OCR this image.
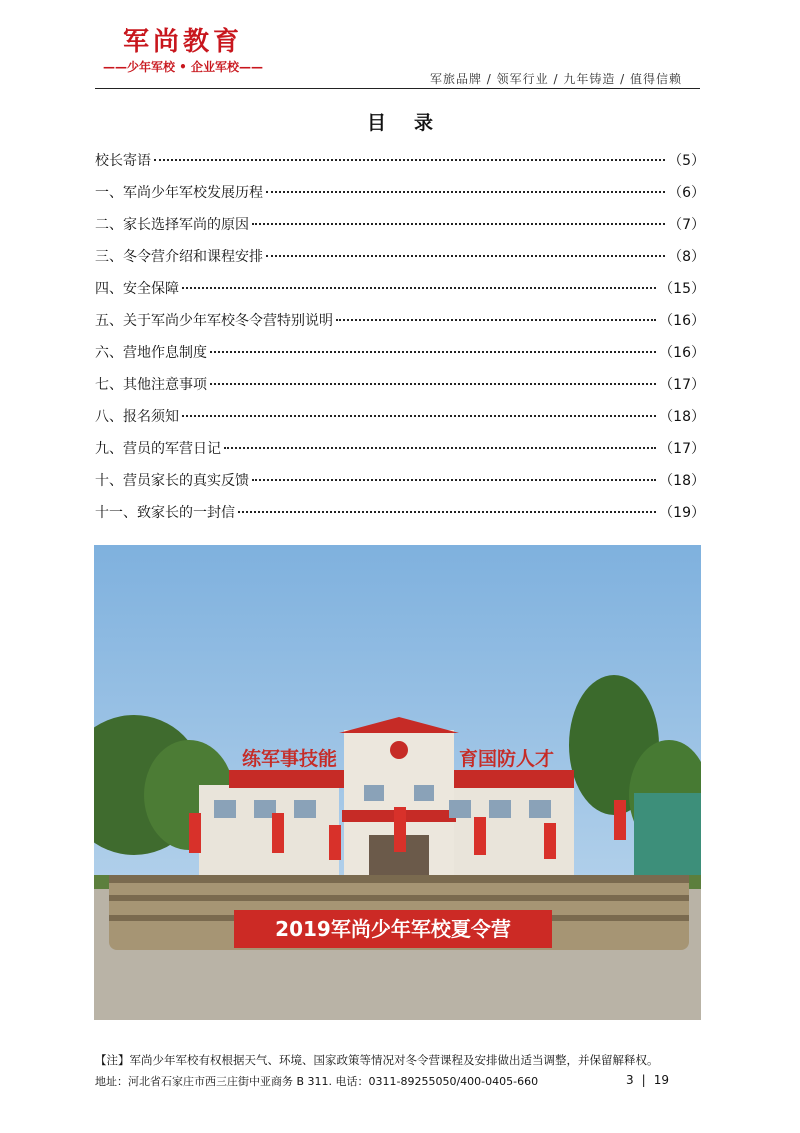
军尚教育
——少年军校 • 企业军校——
军旅品牌 / 领军行业 / 九年铸造 / 值得信赖
目录
校长寄语	（5）
一、军尚少年军校发展历程	（6）
二、家长选择军尚的原因	（7）
三、冬令营介绍和课程安排	（8）
四、安全保障	（15）
五、关于军尚少年军校冬令营特别说明	（16）
六、营地作息制度	（16）
七、其他注意事项	（17）
八、报名须知	（18）
九、营员的军营日记	（17）
十、营员家长的真实反馈	（18）
十一、致家长的一封信	（19）
练军事技能	育国防人才
2019军尚少年军校夏令营
【注】军尚少年军校有权根据天气、环境、国家政策等情况对冬令营课程及安排做出适当调整，并保留解释权。
地址：河北省石家庄市西三庄街中亚商务 B 311. 电话：0311-89255050/400-0405-660	3 | 19
